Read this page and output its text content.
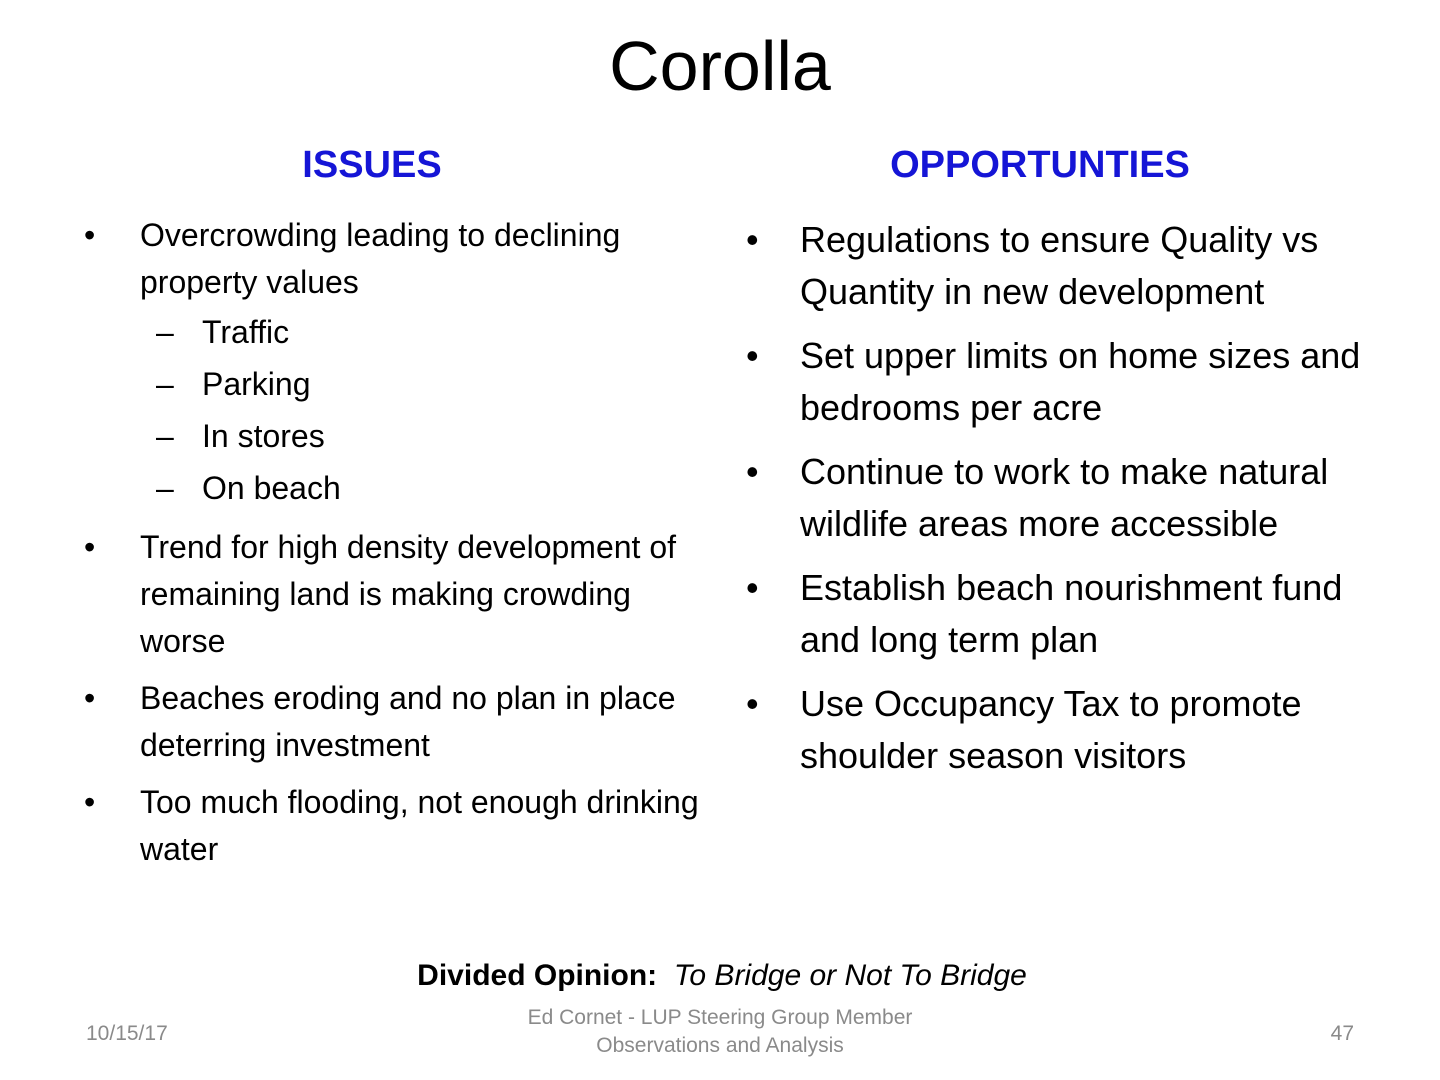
Corolla
ISSUES	OPPORTUNTIES
• Overcrowding leading to declining property values
– Traffic
– Parking
– In stores
– On beach
• Trend for high density development of remaining land is making crowding worse
• Beaches eroding and no plan in place deterring investment
• Too much flooding, not enough drinking water
• Regulations to ensure Quality vs Quantity in new development
• Set upper limits on home sizes and bedrooms per acre
• Continue to work to make natural wildlife areas more accessible
• Establish beach nourishment fund and long term plan
• Use Occupancy Tax to promote shoulder season visitors
Divided Opinion: To Bridge or Not To Bridge
10/15/17
Ed Cornet - LUP Steering Group Member
Observations and Analysis
47
